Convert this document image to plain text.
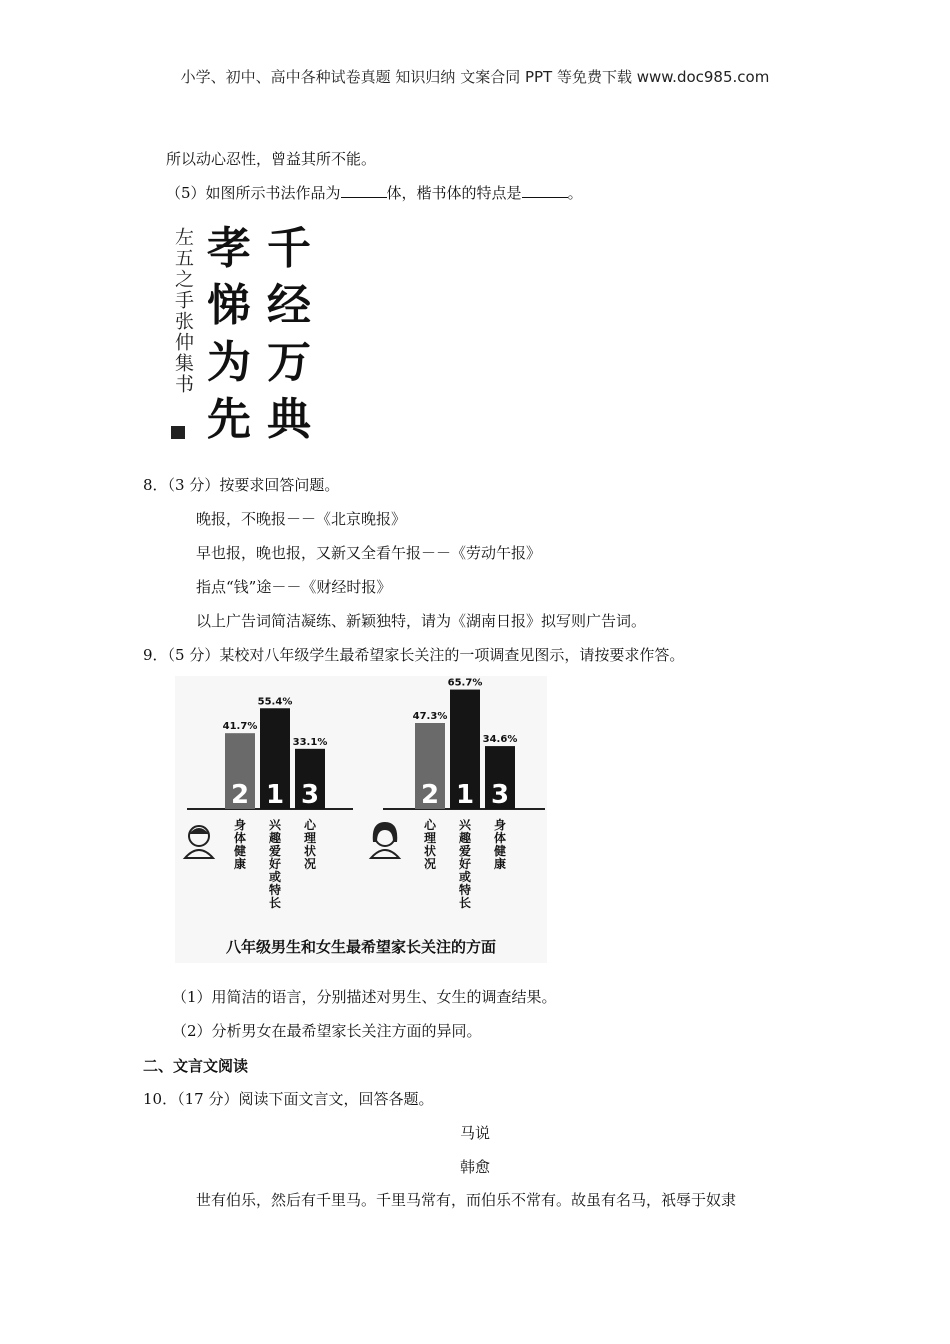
小学、初中、高中各种试卷真题 知识归纳 文案合同 PPT 等免费下载 www.doc985.com
所以动心忍性，曾益其所不能。
（5）如图所示书法作品为	体，楷书体的特点是	。
千
经
万
典
孝
悌
为
先
左五之手张仲集书
8．（3 分）按要求回答问题。
晚报，不晚报－－《北京晚报》
早也报，晚也报，又新又全看午报－－《劳动午报》
指点“钱”途－－《财经时报》
以上广告词简洁凝练、新颖独特，请为《湖南日报》拟写则广告词。
9．（5 分）某校对八年级学生最希望家长关注的一项调查见图示，请按要求作答。
41.7%
2
身
体
健
康
55.4%
1
兴
趣
爱
好
或
特
长
33.1%
3
心
理
状
况
47.3%
2
心
理
状
况
65.7%
1
兴
趣
爱
好
或
特
长
34.6%
3
身
体
健
康
八年级男生和女生最希望家长关注的方面
（1）用简洁的语言，分别描述对男生、女生的调查结果。
（2）分析男女在最希望家长关注方面的异同。
二、文言文阅读
10．（17 分）阅读下面文言文，回答各题。
马说
韩愈
世有伯乐，然后有千里马。千里马常有，而伯乐不常有。故虽有名马，祇辱于奴隶
